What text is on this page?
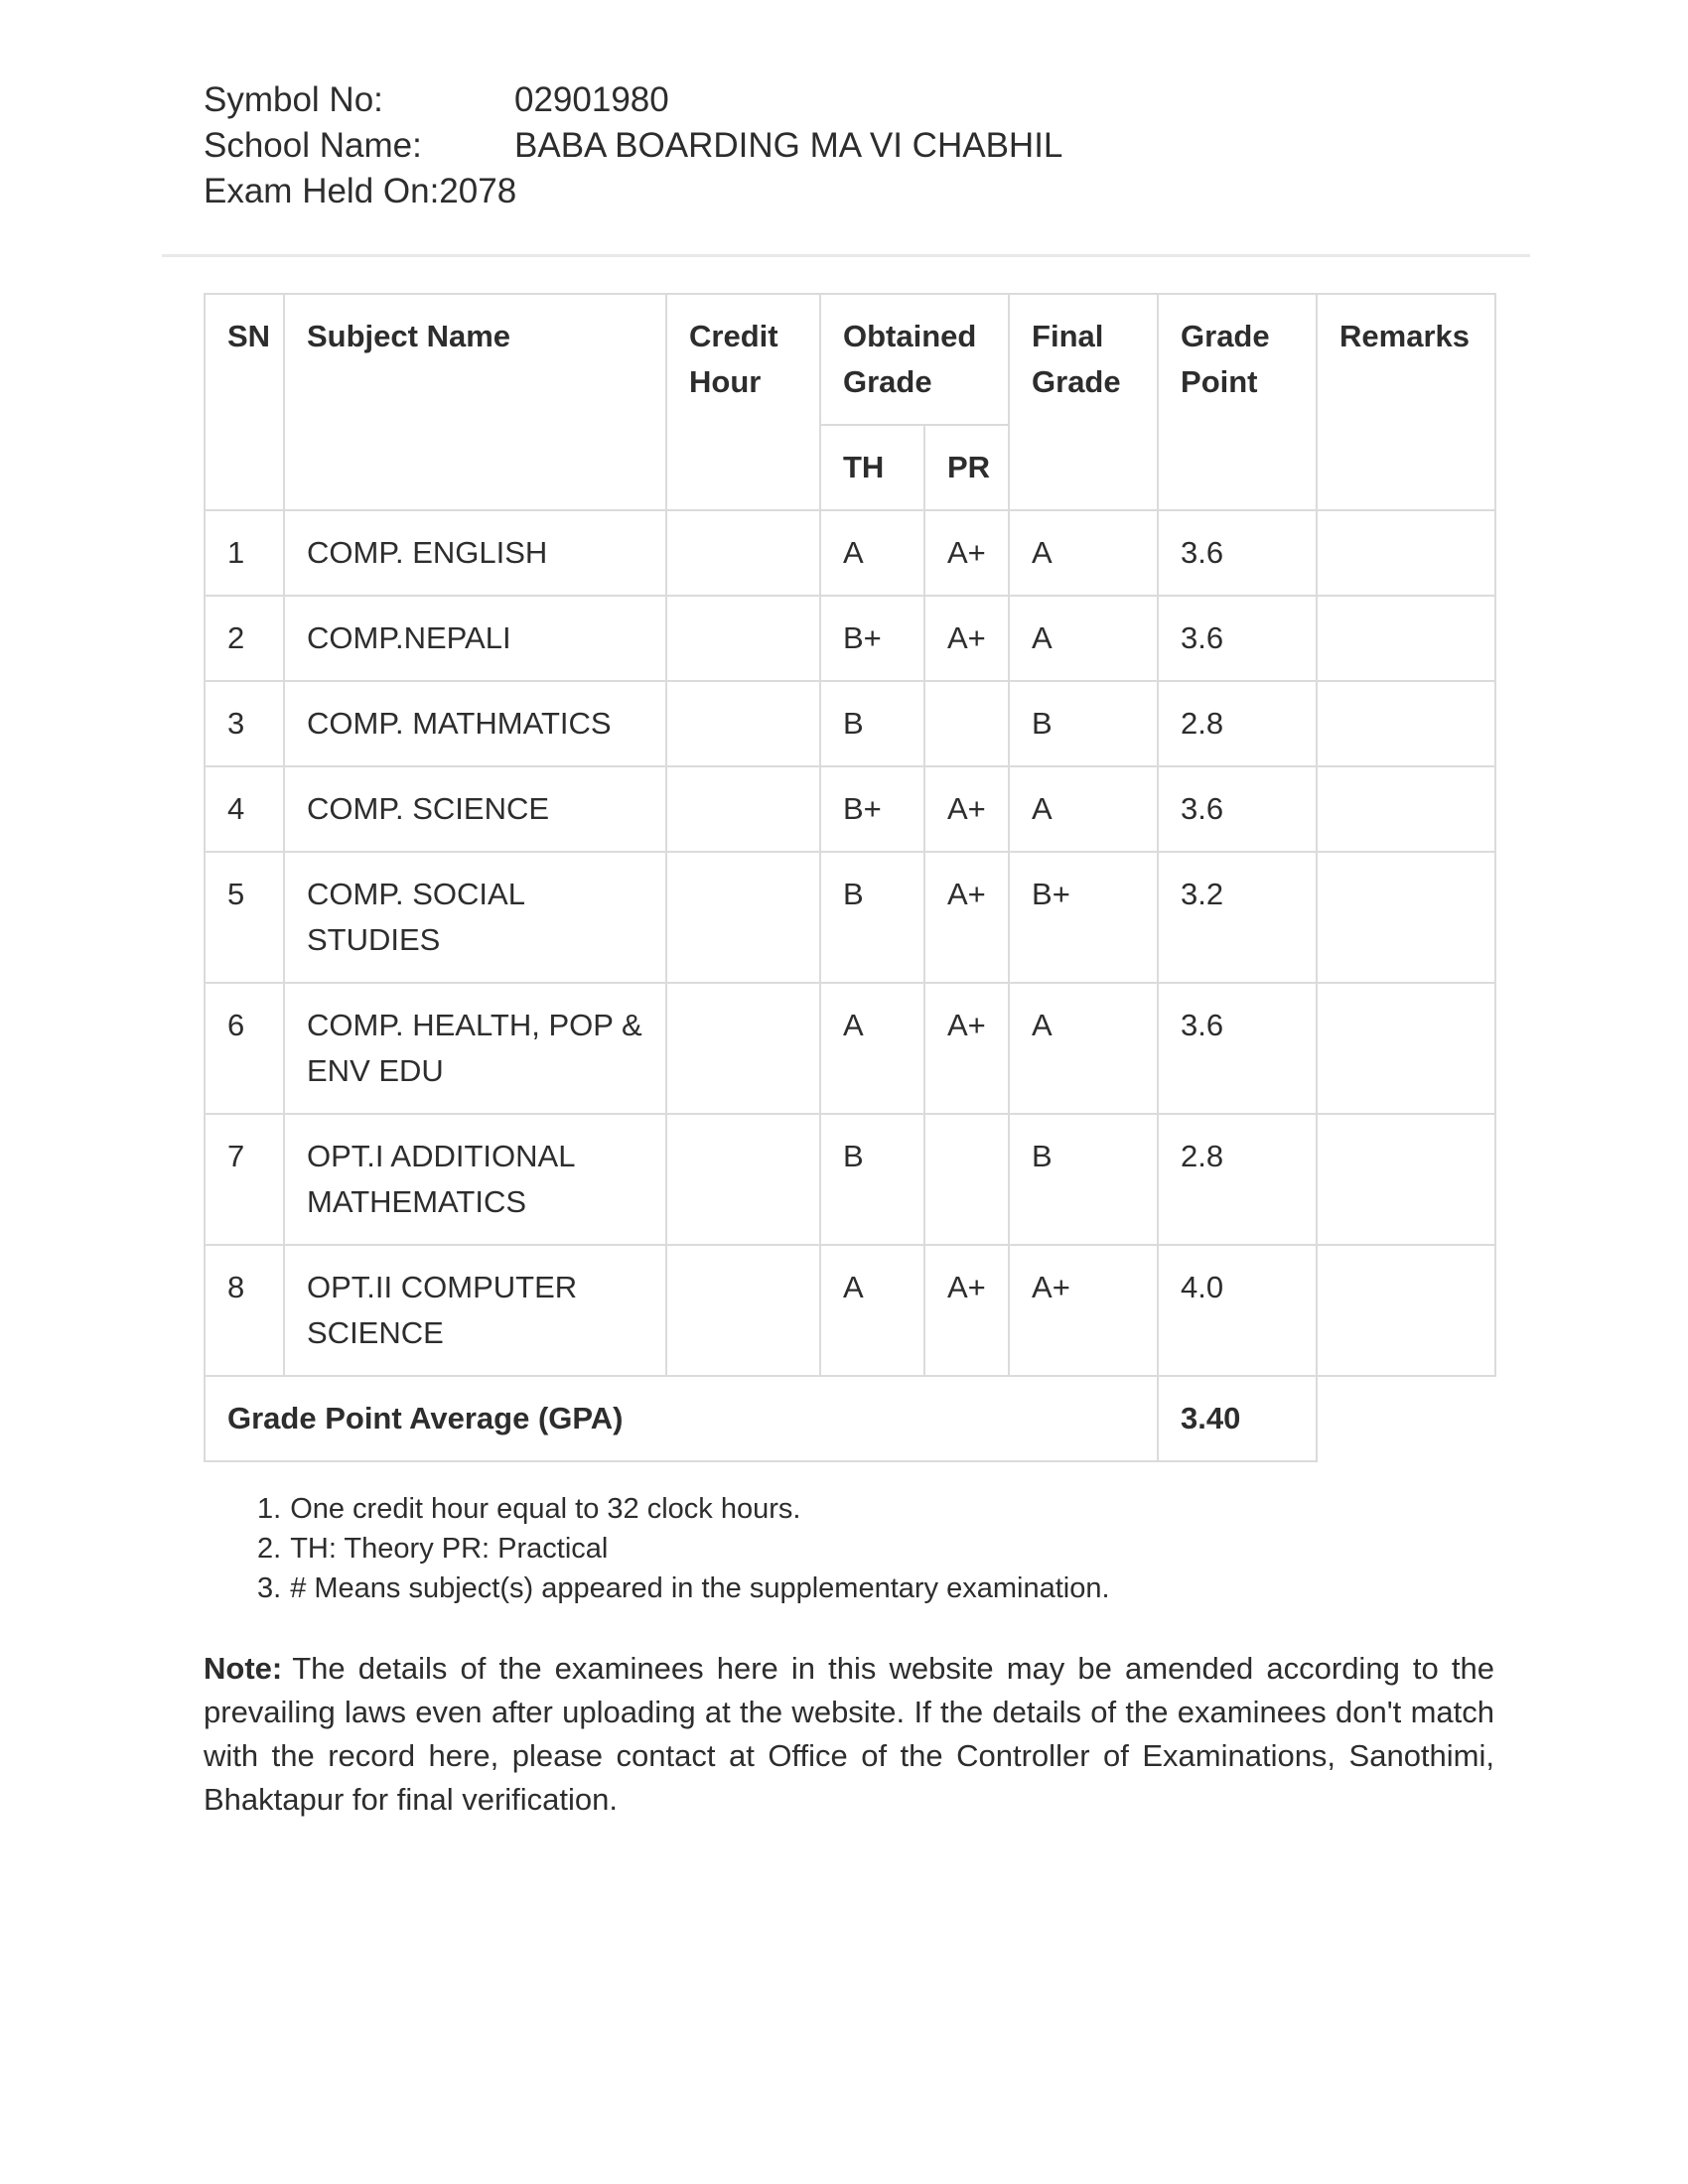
Symbol No:	02901980
School Name:	BABA BOARDING MA VI CHABHIL
Exam Held On:2078
SN	Subject Name	Credit Hour	Obtained Grade		Final Grade	Grade Point	Remarks
			TH	PR			
1	COMP. ENGLISH		A	A+	A	3.6	
2	COMP.NEPALI		B+	A+	A	3.6	
3	COMP. MATHMATICS		B		B	2.8	
4	COMP. SCIENCE		B+	A+	A	3.6	
5	COMP. SOCIAL STUDIES		B	A+	B+	3.2	
6	COMP. HEALTH, POP & ENV EDU		A	A+	A	3.6	
7	OPT.I ADDITIONAL MATHEMATICS		B		B	2.8	
8	OPT.II COMPUTER SCIENCE		A	A+	A+	4.0	
Grade Point Average (GPA)						3.40	
1. One credit hour equal to 32 clock hours.
2. TH: Theory PR: Practical
3. # Means subject(s) appeared in the supplementary examination.

Note: The details of the examinees here in this website may be amended according to the prevailing laws even after uploading at the website. If the details of the examinees don't match with the record here, please contact at Office of the Controller of Examinations, Sanothimi, Bhaktapur for final verification.
